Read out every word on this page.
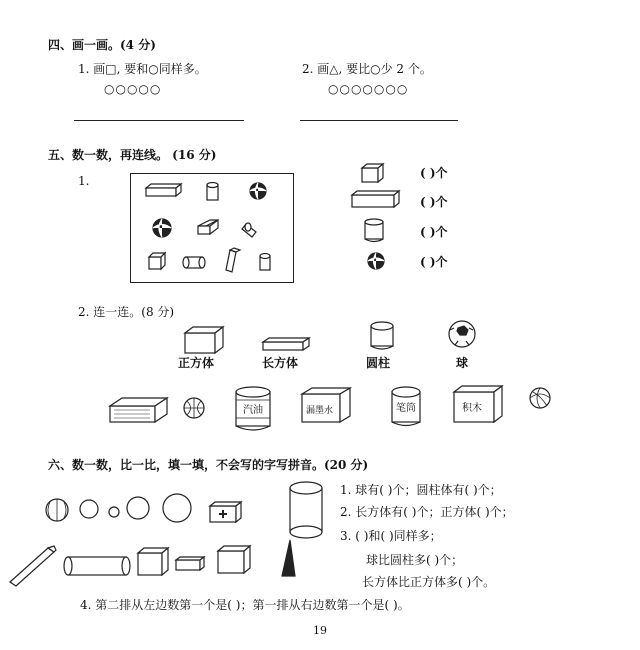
四、画一画。(4 分)
1. 画□, 要和○同样多。
○○○○○
2. 画△, 要比○少 2 个。
○○○○○○○
五、数一数，再连线。 (16 分)
1.
( )个
( )个
( )个
( )个
2. 连一连。(8 分)
正方体	长方体	圆柱	球
汽油	漏墨水	笔筒	积木
六、数一数，比一比，填一填，不会写的字写拼音。(20 分)
1. 球有( )个；圆柱体有( )个；
2. 长方体有( )个；正方体( )个；
3. ( )和( )同样多；
球比圆柱多( )个；
长方体比正方体多( )个。
4. 第二排从左边数第一个是( )；第一排从右边数第一个是( )。
19
